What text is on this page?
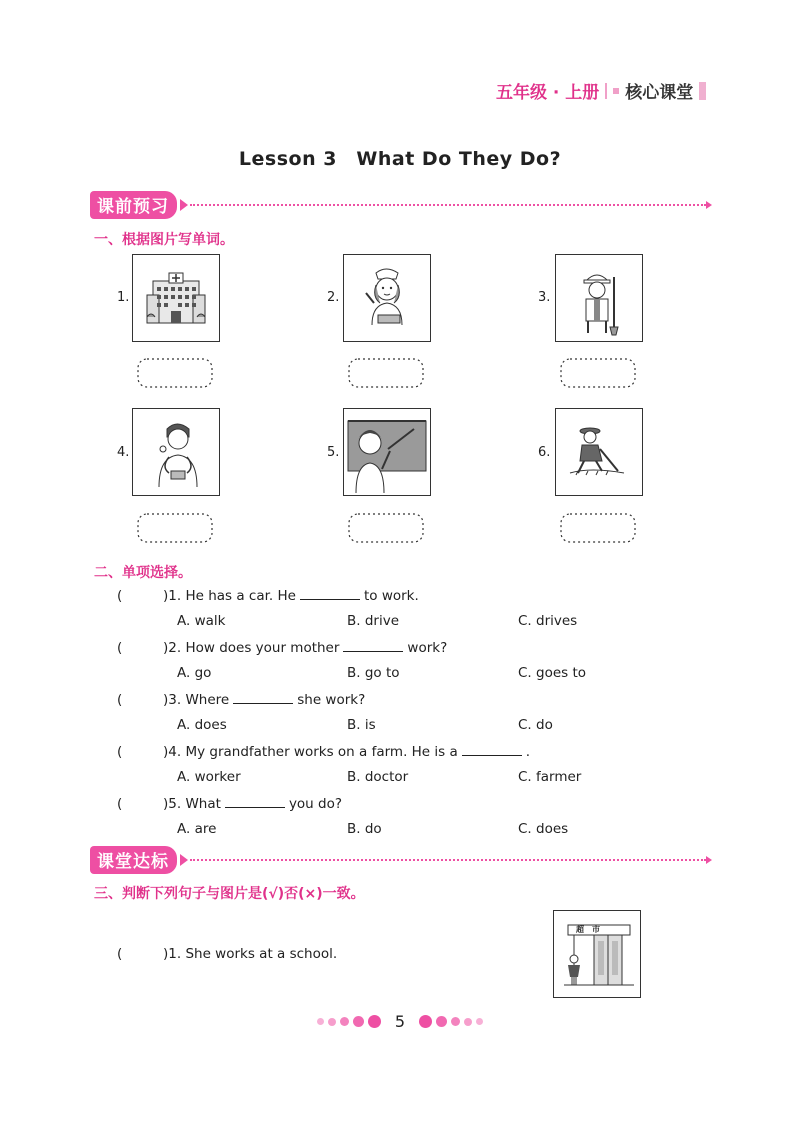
五年级 · 上册 核心课堂
Lesson 3　What Do They Do?
课前预习
一、根据图片写单词。
1.	2.	3.
4.	5.	6.
二、单项选择。
(	)1. He has a car. He	to work.
A. walk	B. drive	C. drives
(	)2. How does your mother	work?
A. go	B. go to	C. goes to
(	)3. Where	she work?
A. does	B. is	C. do
(	)4. My grandfather works on a farm. He is a	.
A. worker	B. doctor	C. farmer
(	)5. What	you do?
A. are	B. do	C. does
课堂达标
三、判断下列句子与图片是(√)否(×)一致。
(	)1. She works at a school.
超　市
5
